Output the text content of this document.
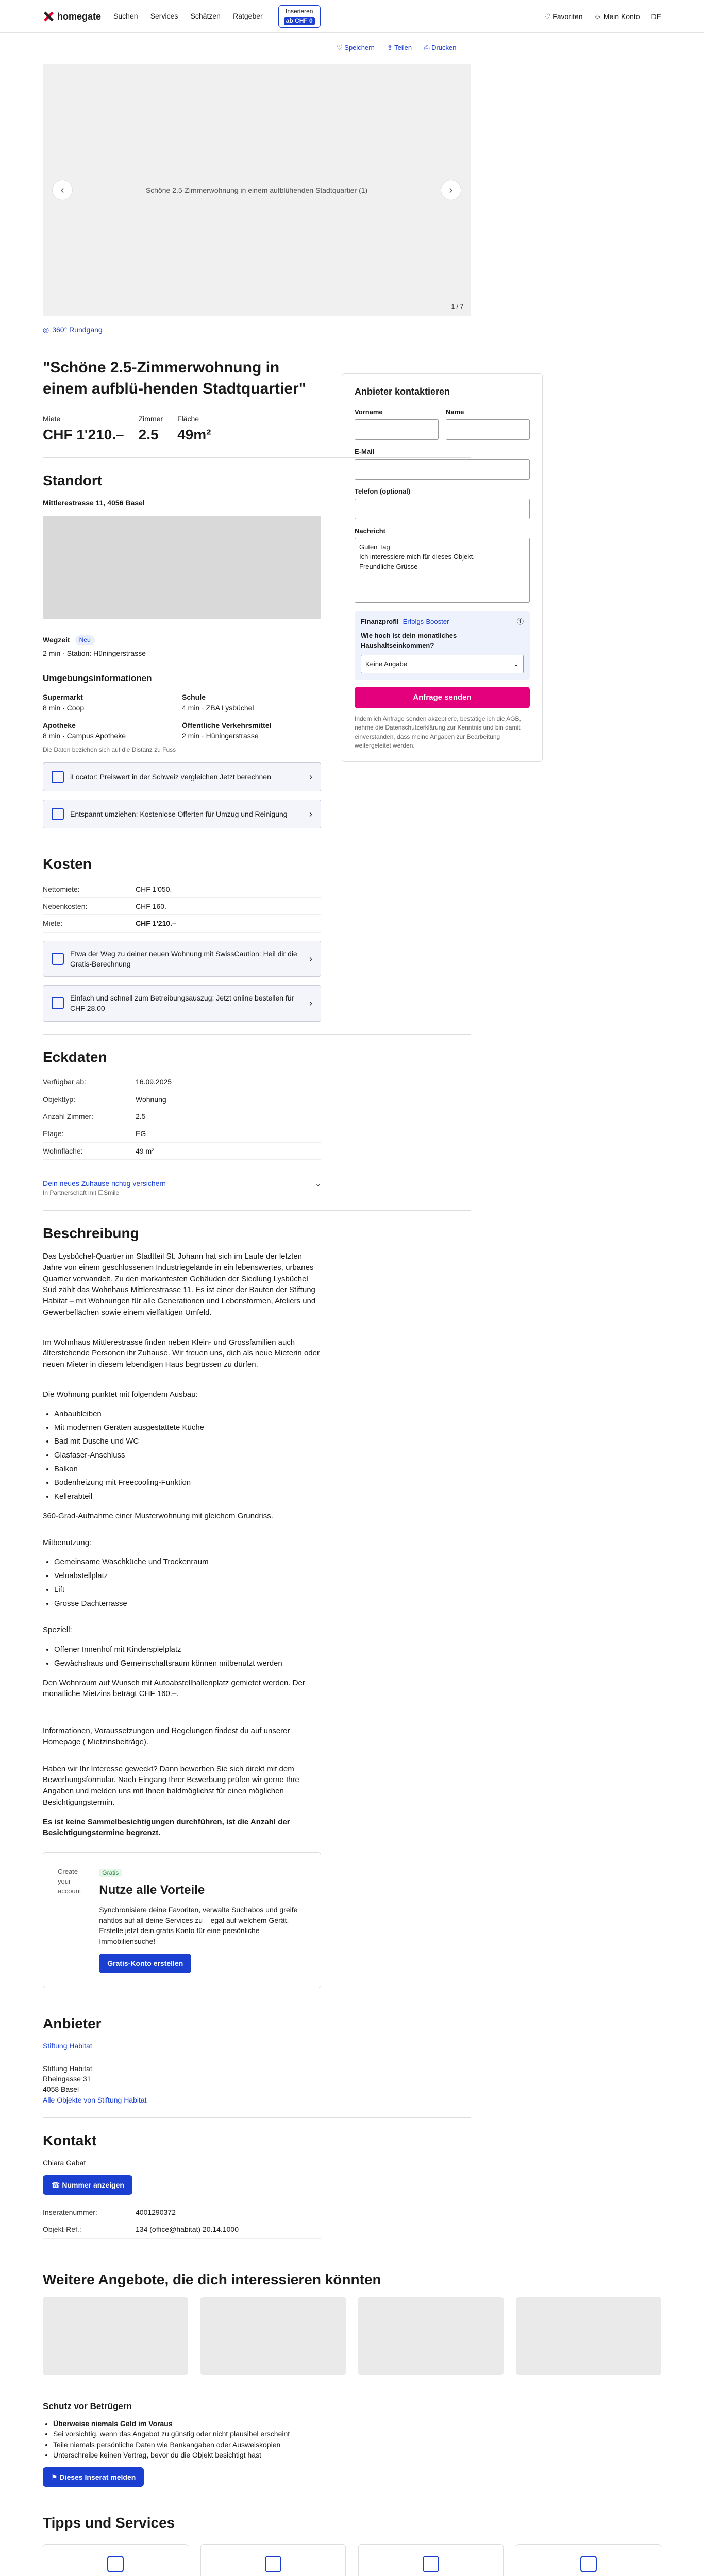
homegate Suchen Services Schätzen Ratgeber
Inserieren
ab CHF 0
♡ Favoriten ☺ Mein Konto DE
♡ Speichern ⇪ Teilen ⎙ Drucken
Schöne 2.5-Zimmerwohnung in einem aufblühenden Stadtquartier (1)
‹	›
1 / 7
◎ 360° Rundgang
"Schöne 2.5-Zimmerwohnung in einem aufblü-henden Stadtquartier"
Miete
CHF 1'210.–
Zimmer
2.5
Fläche
49m²
Standort
Mittlerestrasse 11, 4056 Basel
Wegzeit	Neu
2 min · Station: Hüningerstrasse
Umgebungsinformationen
Supermarkt
8 min · Coop
Schule
4 min · ZBA Lysbüchel
Apotheke
8 min · Campus Apotheke
Öffentliche Verkehrsmittel
2 min · Hüningerstrasse
Die Daten beziehen sich auf die Distanz zu Fuss
iLocator: Preiswert in der Schweiz vergleichen Jetzt berechnen	›
Entspannt umziehen: Kostenlose Offerten für Umzug und Reinigung ›
Kosten
Nettomiete:	CHF 1'050.–
Nebenkosten:	CHF 160.–
Miete:	CHF 1'210.–
Etwa der Weg zu deiner neuen Wohnung mit SwissCaution: Heil dir die Gratis-Berechnung
›
Einfach und schnell zum Betreibungsauszug: Jetzt online bestellen für CHF 28.00
›
Eckdaten
Verfügbar ab:	16.09.2025
Objekttyp:	Wohnung
Anzahl Zimmer:	2.5
Etage:	EG
Wohnfläche:	49 m²
Dein neues Zuhause richtig versichern	⌄
In Partnerschaft mit ☐Smile
Beschreibung

Das Lysbüchel-Quartier im Stadtteil St. Johann hat sich im Laufe der letzten Jahre von einem geschlossenen Industriegelände in ein lebenswertes, urbanes Quartier verwandelt. Zu den markantesten Gebäuden der Siedlung Lysbüchel Süd zählt das Wohnhaus Mittlerestrasse 11. Es ist einer der Bauten der Stiftung Habitat – mit Wohnungen für alle Generationen und Lebensformen, Ateliers und Gewerbeflächen sowie einem vielfältigen Umfeld.

Im Wohnhaus Mittlerestrasse finden neben Klein- und Grossfamilien auch älterstehende Personen ihr Zuhause. Wir freuen uns, dich als neue Mieterin oder neuen Mieter in diesem lebendigen Haus begrüssen zu dürfen.

Die Wohnung punktet mit folgendem Ausbau:

• Anbaubleiben
• Mit modernen Geräten ausgestattete Küche
• Bad mit Dusche und WC
• Glasfaser-Anschluss
• Balkon
• Bodenheizung mit Freecooling-Funktion
• Kellerabteil

360-Grad-Aufnahme einer Musterwohnung mit gleichem Grundriss.

Mitbenutzung:

• Gemeinsame Waschküche und Trockenraum
• Veloabstellplatz
• Lift
• Grosse Dachterrasse

Speziell:

• Offener Innenhof mit Kinderspielplatz
• Gewächshaus und Gemeinschaftsraum können mitbenutzt werden

Den Wohnraum auf Wunsch mit Autoabstellhallenplatz gemietet werden. Der monatliche Mietzins beträgt CHF 160.–.

Informationen, Voraussetzungen und Regelungen findest du auf unserer Homepage ( Mietzinsbeiträge).

Haben wir Ihr Interesse geweckt? Dann bewerben Sie sich direkt mit dem Bewerbungsformular. Nach Eingang Ihrer Bewerbung prüfen wir gerne Ihre Angaben und melden uns mit Ihnen baldmöglichst für einen möglichen Besichtigungstermin.

Es ist keine Sammelbesichtigungen durchführen, ist die Anzahl der Besichtigungstermine begrenzt.

Create your account
Gratis
Nutze alle Vorteile
Synchronisiere deine Favoriten, verwalte Suchabos und greife nahtlos auf all deine Services zu – egal auf welchem Gerät. Erstelle jetzt dein gratis Konto für eine persönliche Immobiliensuche!
Gratis-Konto erstellen
Anbieter
Stiftung Habitat
Stiftung Habitat
Rheingasse 31
4058 Basel
Alle Objekte von Stiftung Habitat
Kontakt
Chiara Gabat
☎ Nummer anzeigen
Inseratenummer:	4001290372
Objekt-Ref.:	134 (office@habitat) 20.14.1000
Anbieter kontaktieren
Vorname	Name
E-Mail
Telefon (optional)
Nachricht
Guten Tag
Ich interessiere mich für dieses Objekt.
Freundliche Grüsse
Finanzprofil Erfolgs-Booster	ⓘ
Wie hoch ist dein monatliches Haushaltseinkommen?
Keine Angabe	⌄
Anfrage senden
Indem ich Anfrage senden akzeptiere, bestätige ich die AGB, nehme die Datenschutzerklärung zur Kenntnis und bin damit einverstanden, dass meine Angaben zur Bearbeitung weitergeleitet werden.
Weitere Angebote, die dich interessieren könnten
Schutz vor Betrügern
• Überweise niemals Geld im Voraus
• Sei vorsichtig, wenn das Angebot zu günstig oder nicht plausibel erscheint
• Teile niemals persönliche Daten wie Bankangaben oder Ausweiskopien
• Unterschreibe keinen Vertrag, bevor du die Objekt besichtigt hast
⚑ Dieses Inserat melden
Tipps und Services
